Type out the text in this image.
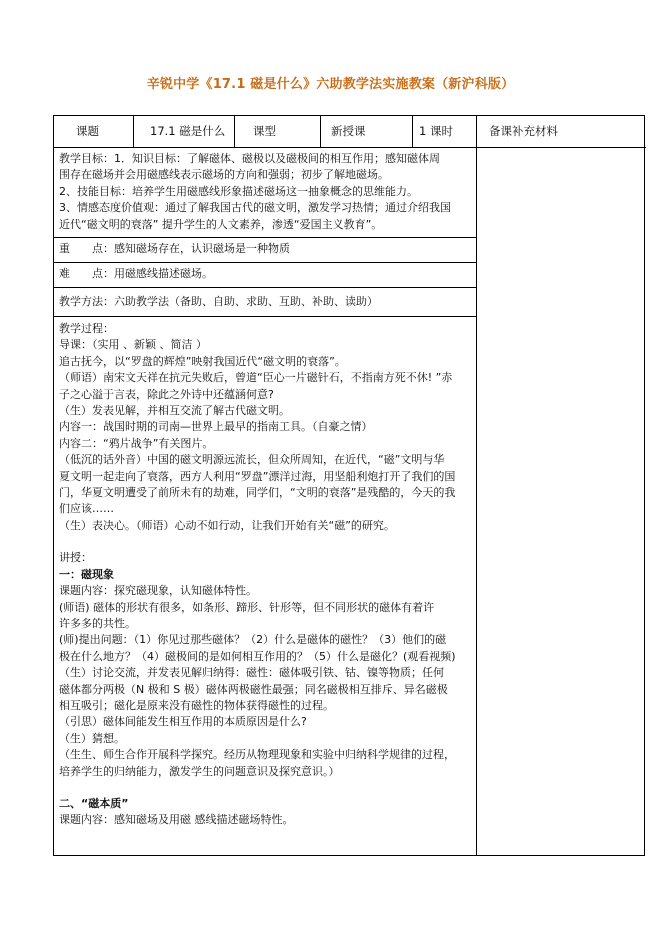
辛锐中学《17.1 磁是什么》六助教学法实施教案（新沪科版）
课题	17.1 磁是什么	课型	新授课	1 课时	备课补充材料

教学目标：1．知识目标：了解磁体、磁极以及磁极间的相互作用；感知磁体周

围存在磁场并会用磁感线表示磁场的方向和强弱；初步了解地磁场。

2、技能目标：培养学生用磁感线形象描述磁场这一抽象概念的思维能力。

3、情感态度价值观：通过了解我国古代的磁文明，激发学习热情；通过介绍我国

近代“磁文明的衰落” 提升学生的人文素养，渗透“爱国主义教育”。

重　　点：感知磁场存在，认识磁场是一种物质

难　　点：用磁感线描述磁场。

教学方法：六助教学法（备助、自助、求助、互助、补助、读助）

教学过程：

导课：（实用 、新颖 、简洁 ）

追古抚今，以“罗盘的辉煌”映射我国近代“磁文明的衰落”。

（师语）南宋文天祥在抗元失败后，曾道“臣心一片磁针石，不指南方死不休! ”赤

子之心溢于言表，除此之外诗中还蕴涵何意?

（生）发表见解，并相互交流了解古代磁文明。

内容一：战国时期的司南—世界上最早的指南工具。（自豪之情）

内容二：“鸦片战争”有关图片。

（低沉的话外音）中国的磁文明源远流长，但众所周知，在近代，“磁”文明与华

夏文明一起走向了衰落，西方人利用“罗盘”漂洋过海，用坚船利炮打开了我们的国

门，华夏文明遭受了前所未有的劫难，同学们，“文明的衰落”是残酷的，今天的我

们应该……

（生）表决心。（师语）心动不如行动，让我们开始有关“磁”的研究。

讲授：

一：磁现象

课题内容：探究磁现象，认知磁体特性。

(师语) 磁体的形状有很多，如条形、蹄形、针形等，但不同形状的磁体有着许

许多多的共性。

(师)提出问题：（1）你见过那些磁体？（2）什么是磁体的磁性？（3）他们的磁

极在什么地方？（4）磁极间的是如何相互作用的？（5）什么是磁化？(观看视频)

（生）讨论交流，并发表见解归纳得：磁性：磁体吸引铁、钴、镍等物质；任何

磁体都分两极（N 极和 S 极）磁体两极磁性最强；同名磁极相互排斥、异名磁极

相互吸引；磁化是原来没有磁性的物体获得磁性的过程。

（引思）磁体间能发生相互作用的本质原因是什么?

（生）猜想。

（生生、师生合作开展科学探究。经历从物理现象和实验中归纳科学规律的过程，

培养学生的归纳能力，激发学生的问题意识及探究意识。）

二、“磁本质”

课题内容：感知磁场及用磁 感线描述磁场特性。
